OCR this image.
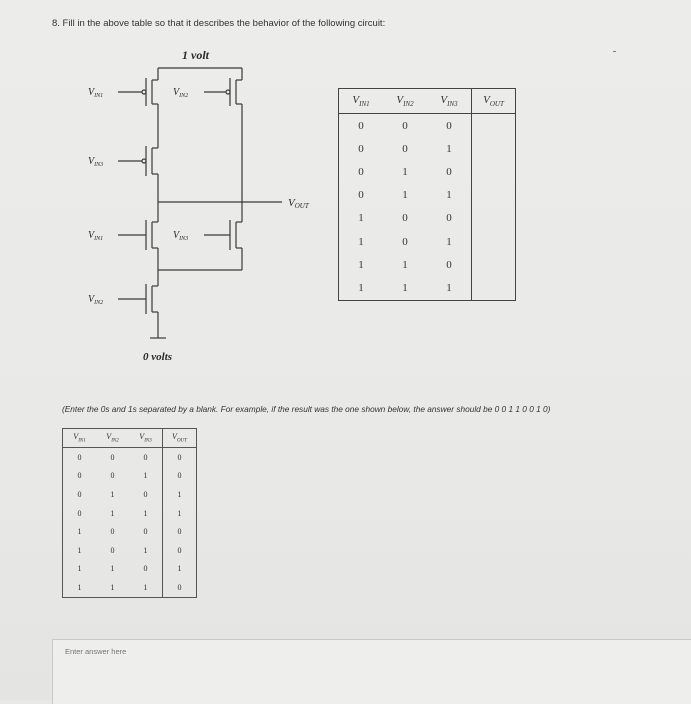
8. Fill in the above table so that it describes the behavior of the following circuit:
1 volt
0 volts
$V_{IN1}$	$V_{IN2}$
$V_{IN3}$
$V_{IN1}$	$V_{IN3}$
$V_{IN2}$
VOUT
$V_{IN1}$	$V_{IN2}$	$V_{IN3}$	$V_{OUT}$
0	0	0	
0	0	1	
0	1	0	
0	1	1	
1	0	0	
1	0	1	
1	1	0	
1	1	1	
(Enter the 0s and 1s separated by a blank. For example, if the result was the one shown below, the answer should be 0 0 1 1 0 0 1 0)
$V_{IN1}$	$V_{IN2}$	$V_{IN3}$	$V_{OUT}$
0	0	0	0
0	0	1	0
0	1	0	1
0	1	1	1
1	0	0	0
1	0	1	0
1	1	0	1
1	1	1	0
Enter answer here
